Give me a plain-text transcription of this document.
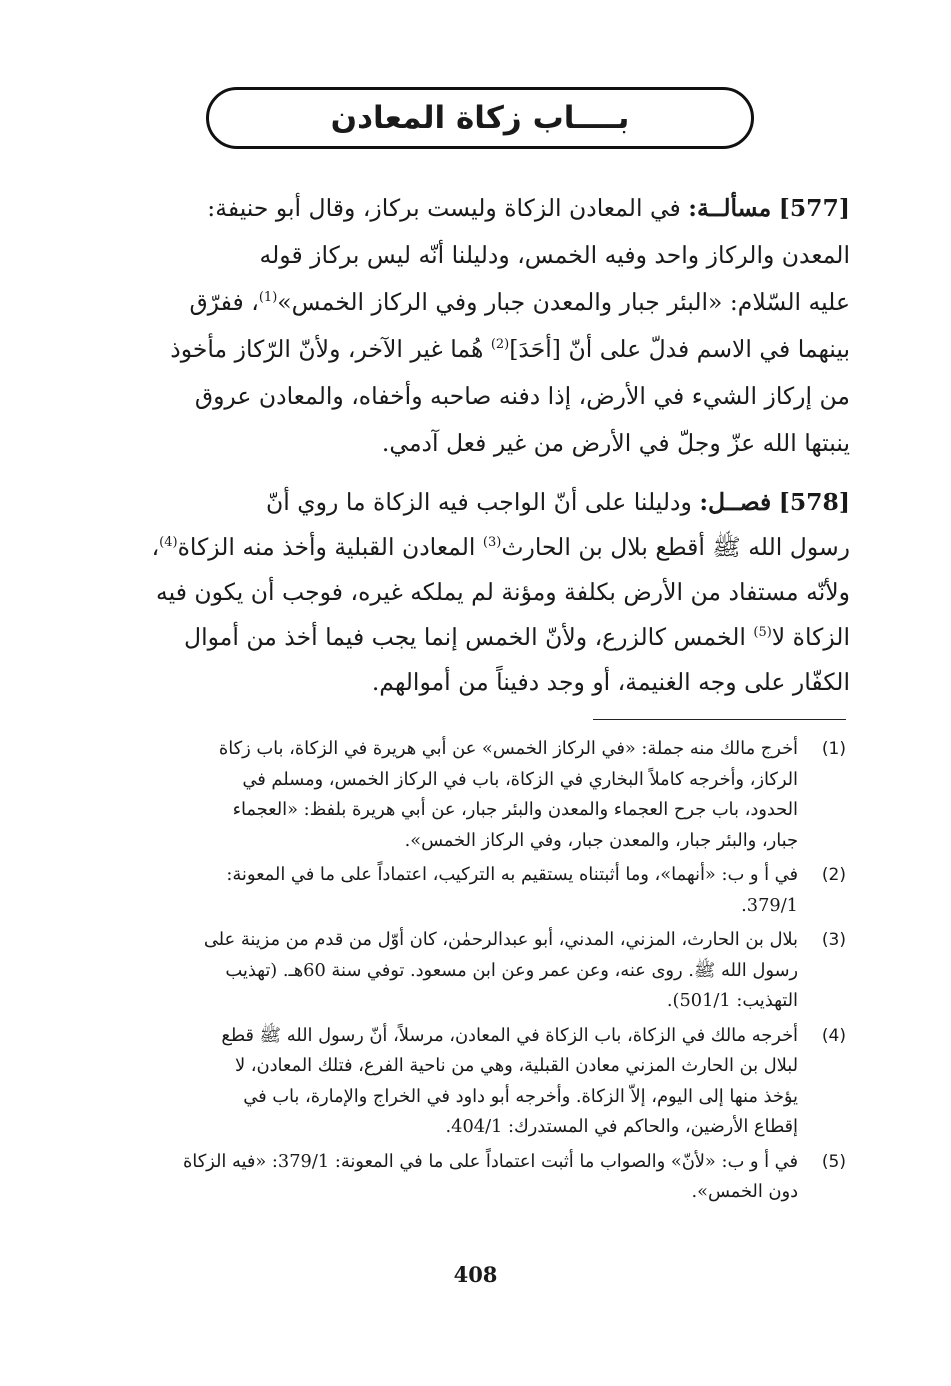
بــــاب زكاة المعادن
[577] مسألــة: في المعادن الزكاة وليست بركاز، وقال أبو حنيفة:
المعدن والركاز واحد وفيه الخمس، ودليلنا أنّه ليس بركاز قوله
عليه السّلام: «البئر جبار والمعدن جبار وفي الركاز الخمس»$^{(1)}$، ففرّق
بينهما في الاسم فدلّ على أنّ [أحَدَ]$^{(2)}$ هُما غير الآخر، ولأنّ الرّكاز مأخوذ
من إركاز الشيء في الأرض، إذا دفنه صاحبه وأخفاه، والمعادن عروق
ينبتها الله عزّ وجلّ في الأرض من غير فعل آدمي.
[578] فصــل: ودليلنا على أنّ الواجب فيه الزكاة ما روي أنّ
رسول الله ﷺ أقطع بلال بن الحارث$^{(3)}$ المعادن القبلية وأخذ منه الزكاة$^{(4)}$،
ولأنّه مستفاد من الأرض بكلفة ومؤنة لم يملكه غيره، فوجب أن يكون فيه
الزكاة لا$^{(5)}$ الخمس كالزرع، ولأنّ الخمس إنما يجب فيما أخذ من أموال
الكفّار على وجه الغنيمة، أو وجد دفيناً من أموالهم.
(1)
أخرج مالك منه جملة: «في الركاز الخمس» عن أبي هريرة في الزكاة، باب زكاة
الركاز، وأخرجه كاملاً البخاري في الزكاة، باب في الركاز الخمس، ومسلم في
الحدود، باب جرح العجماء والمعدن والبئر جبار، عن أبي هريرة بلفظ: «العجماء
جبار، والبئر جبار، والمعدن جبار، وفي الركاز الخمس».
(2)
في أ و ب: «أنهما»، وما أثبتناه يستقيم به التركيب، اعتماداً على ما في المعونة:
379/1.
(3)
بلال بن الحارث، المزني، المدني، أبو عبدالرحمٰن، كان أوّل من قدم من مزينة على
رسول الله ﷺ. روى عنه، وعن عمر وعن ابن مسعود. توفي سنة 60هـ. (تهذيب
التهذيب: 501/1).
(4)
أخرجه مالك في الزكاة، باب الزكاة في المعادن، مرسلاً، أنّ رسول الله ﷺ قطع
لبلال بن الحارث المزني معادن القبلية، وهي من ناحية الفرع، فتلك المعادن، لا
يؤخذ منها إلى اليوم، إلاّ الزكاة. وأخرجه أبو داود في الخراج والإمارة، باب في
إقطاع الأرضين، والحاكم في المستدرك: 404/1.
(5)
في أ و ب: «لأنّ» والصواب ما أثبت اعتماداً على ما في المعونة: 379/1: «فيه الزكاة
دون الخمس».
408
